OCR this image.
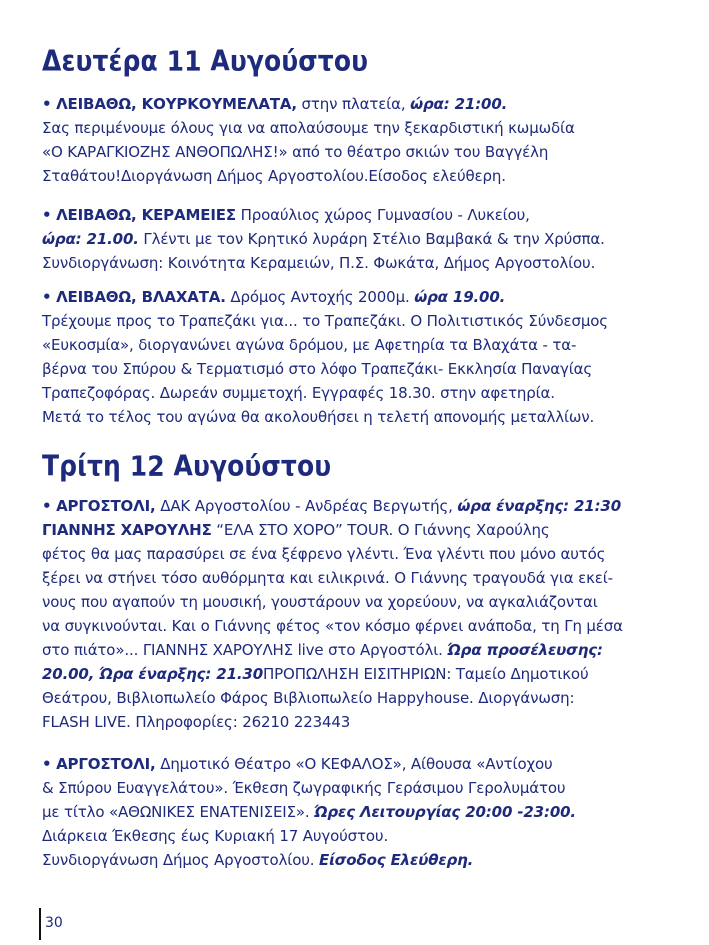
Δευτέρα 11 Αυγούστου
• ΛΕΙΒΑΘΩ, ΚΟΥΡΚΟΥΜΕΛΑΤΑ, στην πλατεία, ώρα: 21:00.
Σας περιμένουμε όλους για να απολαύσουμε την ξεκαρδιστική κωμωδία
«Ο ΚΑΡΑΓΚΙΟΖΗΣ ΑΝΘΟΠΩΛΗΣ!» από το θέατρο σκιών του Βαγγέλη
Σταθάτου!Διοργάνωση Δήμος Αργοστολίου.Είσοδος ελεύθερη.
• ΛΕΙΒΑΘΩ, ΚΕΡΑΜΕΙΕΣ Προαύλιος χώρος Γυμνασίου - Λυκείου,
ώρα: 21.00. Γλέντι με τον Κρητικό λυράρη Στέλιο Βαμβακά & την Χρύσπα.
Συνδιοργάνωση: Κοινότητα Κεραμειών, Π.Σ. Φωκάτα, Δήμος Αργοστολίου.
• ΛΕΙΒΑΘΩ, ΒΛΑΧΑΤΑ. Δρόμος Αντοχής 2000μ. ώρα 19.00.
Τρέχουμε προς το Τραπεζάκι για... το Τραπεζάκι. Ο Πολιτιστικός Σύνδεσμος
«Ευκοσμία», διοργανώνει αγώνα δρόμου, με Αφετηρία τα Βλαχάτα - τα-
βέρνα του Σπύρου & Τερματισμό στο λόφο Τραπεζάκι- Εκκλησία Παναγίας
Τραπεζοφόρας. Δωρεάν συμμετοχή. Εγγραφές 18.30. στην αφετηρία.
Μετά το τέλος του αγώνα θα ακολουθήσει η τελετή απονομής μεταλλίων.
Τρίτη 12 Αυγούστου
• ΑΡΓΟΣΤΟΛΙ, ΔΑΚ Αργοστολίου - Ανδρέας Βεργωτής, ώρα έναρξης: 21:30
ΓΙΑΝΝΗΣ ΧΑΡΟΥΛΗΣ “ΕΛΑ ΣΤΟ ΧΟΡΟ” TOUR. Ο Γιάννης Χαρούλης
φέτος θα μας παρασύρει σε ένα ξέφρενο γλέντι. Ένα γλέντι που μόνο αυτός
ξέρει να στήνει τόσο αυθόρμητα και ειλικρινά. Ο Γιάννης τραγουδά για εκεί-
νους που αγαπούν τη μουσική, γουστάρουν να χορεύουν, να αγκαλιάζονται
να συγκινούνται. Και ο Γιάννης φέτος «τον κόσμο φέρνει ανάποδα, τη Γη μέσα
στο πιάτο»... ΓΙΑΝΝΗΣ ΧΑΡΟΥΛΗΣ live στο Αργοστόλι. Ώρα προσέλευσης:
20.00, Ώρα έναρξης: 21.30ΠΡΟΠΩΛΗΣΗ ΕΙΣΙΤΗΡΙΩΝ: Ταμείο Δημοτικού
Θεάτρου, Βιβλιοπωλείο Φάρος Βιβλιοπωλείο Happyhouse. Διοργάνωση:
FLASH LIVE. Πληροφορίες: 26210 223443
• ΑΡΓΟΣΤΟΛΙ, Δημοτικό Θέατρο «Ο ΚΕΦΑΛΟΣ», Αίθουσα «Αντίοχου
& Σπύρου Ευαγγελάτου». Έκθεση ζωγραφικής Γεράσιμου Γερολυμάτου
με τίτλο «ΑΘΩΝΙΚΕΣ ΕΝΑΤΕΝΙΣΕΙΣ». Ώρες Λειτουργίας 20:00 -23:00.
Διάρκεια Έκθεσης έως Κυριακή 17 Αυγούστου.
Συνδιοργάνωση Δήμος Αργοστολίου. Είσοδος Ελεύθερη.
30
